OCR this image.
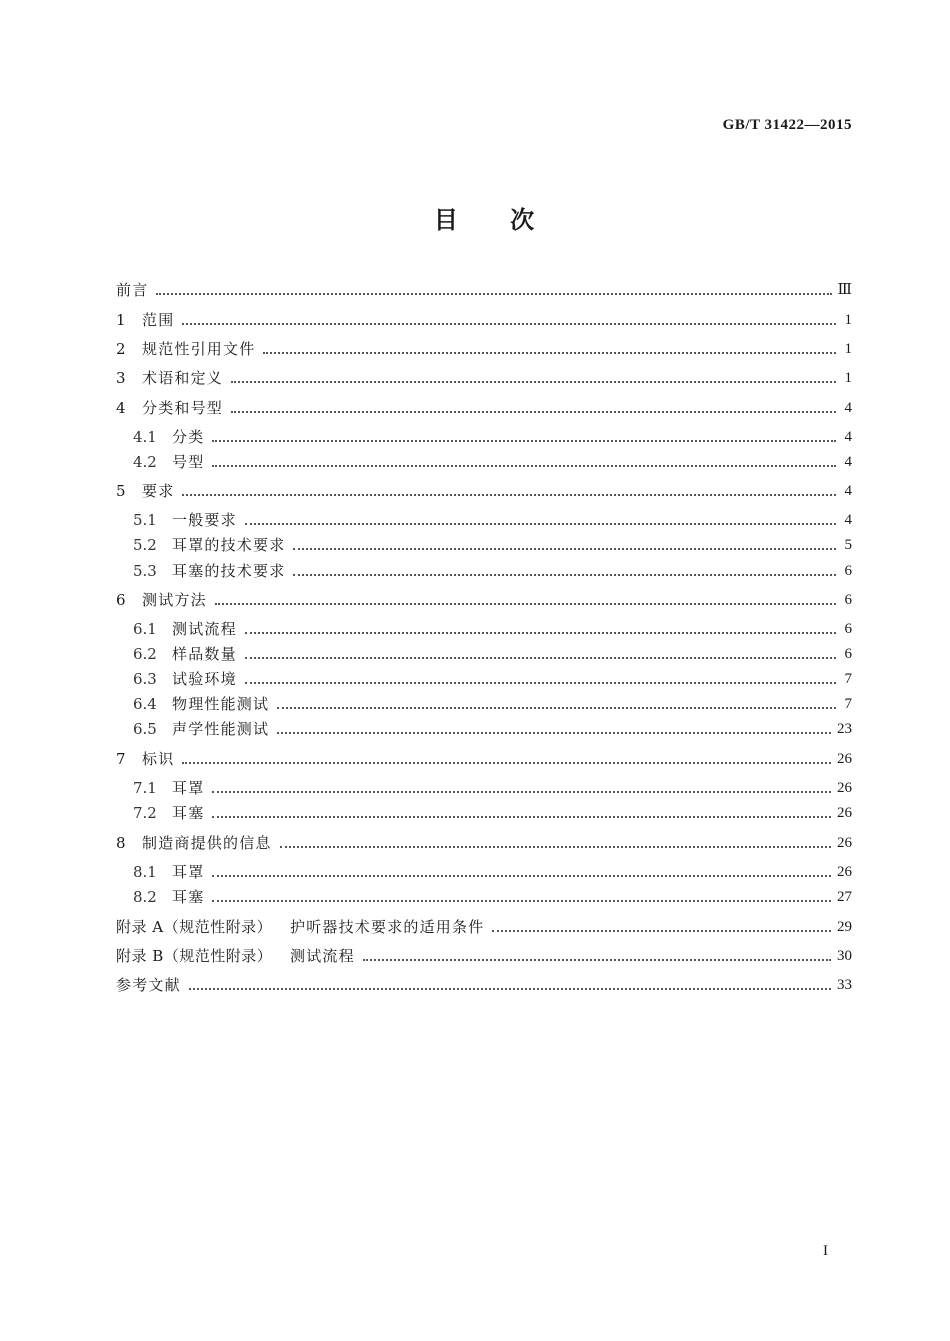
GB/T 31422—2015
目 次
前言	Ⅲ
1	范围	1
2	规范性引用文件	1
3	术语和定义	1
4	分类和号型	4
4.1	分类	4
4.2	号型	4
5	要求	4
5.1	一般要求	4
5.2	耳罩的技术要求	5
5.3	耳塞的技术要求	6
6	测试方法	6
6.1	测试流程	6
6.2	样品数量	6
6.3	试验环境	7
6.4	物理性能测试	7
6.5	声学性能测试	23
7	标识	26
7.1	耳罩	26
7.2	耳塞	26
8	制造商提供的信息	26
8.1	耳罩	26
8.2	耳塞	27
附录 A（规范性附录）	护听器技术要求的适用条件	29
附录 B（规范性附录）	测试流程	30
参考文献	33
I
